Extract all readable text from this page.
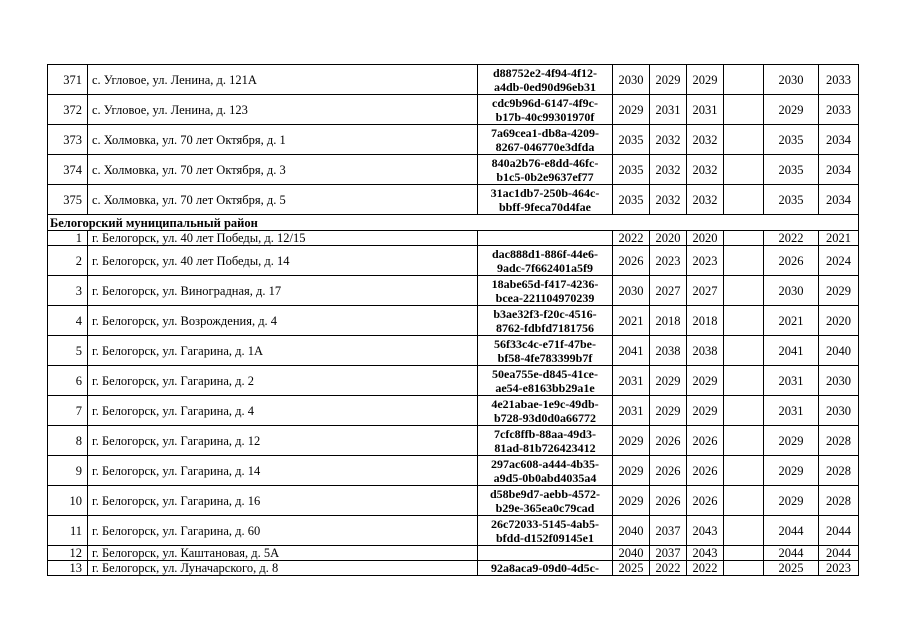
371	с. Угловое, ул. Ленина, д. 121А	d88752e2-4f94-4f12-
a4db-0ed90d96eb31	2030	2029	2029		2030	2033
372	с. Угловое, ул. Ленина, д. 123	cdc9b96d-6147-4f9c-
b17b-40c99301970f	2029	2031	2031		2029	2033
373	с. Холмовка, ул. 70 лет Октября, д. 1	7a69cea1-db8a-4209-
8267-046770e3dfda	2035	2032	2032		2035	2034
374	с. Холмовка, ул. 70 лет Октября, д. 3	840a2b76-e8dd-46fc-
b1c5-0b2e9637ef77	2035	2032	2032		2035	2034
375	с. Холмовка, ул. 70 лет Октября, д. 5	31ac1db7-250b-464c-
bbff-9feca70d4fae	2035	2032	2032		2035	2034
Белогорский муниципальный район								
1	г. Белогорск, ул. 40 лет Победы, д. 12/15		2022	2020	2020		2022	2021
2	г. Белогорск, ул. 40 лет Победы, д. 14	dac888d1-886f-44e6-
9adc-7f662401a5f9	2026	2023	2023		2026	2024
3	г. Белогорск, ул. Виноградная, д. 17	18abe65d-f417-4236-
bcea-221104970239	2030	2027	2027		2030	2029
4	г. Белогорск, ул. Возрождения, д. 4	b3ae32f3-f20c-4516-
8762-fdbfd7181756	2021	2018	2018		2021	2020
5	г. Белогорск, ул. Гагарина, д. 1А	56f33c4c-e71f-47be-
bf58-4fe783399b7f	2041	2038	2038		2041	2040
6	г. Белогорск, ул. Гагарина, д. 2	50ea755e-d845-41ce-
ae54-e8163bb29a1e	2031	2029	2029		2031	2030
7	г. Белогорск, ул. Гагарина, д. 4	4e21abae-1e9c-49db-
b728-93d0d0a66772	2031	2029	2029		2031	2030
8	г. Белогорск, ул. Гагарина, д. 12	7cfc8ffb-88aa-49d3-
81ad-81b726423412	2029	2026	2026		2029	2028
9	г. Белогорск, ул. Гагарина, д. 14	297ac608-a444-4b35-
a9d5-0b0abd4035a4	2029	2026	2026		2029	2028
10	г. Белогорск, ул. Гагарина, д. 16	d58be9d7-aebb-4572-
b29e-365ea0c79cad	2029	2026	2026		2029	2028
11	г. Белогорск, ул. Гагарина, д. 60	26c72033-5145-4ab5-
bfdd-d152f09145e1	2040	2037	2043		2044	2044
12	г. Белогорск, ул. Каштановая, д. 5А		2040	2037	2043		2044	2044
13	г. Белогорск, ул. Луначарского, д. 8	92a8aca9-09d0-4d5c-	2025	2022	2022		2025	2023
